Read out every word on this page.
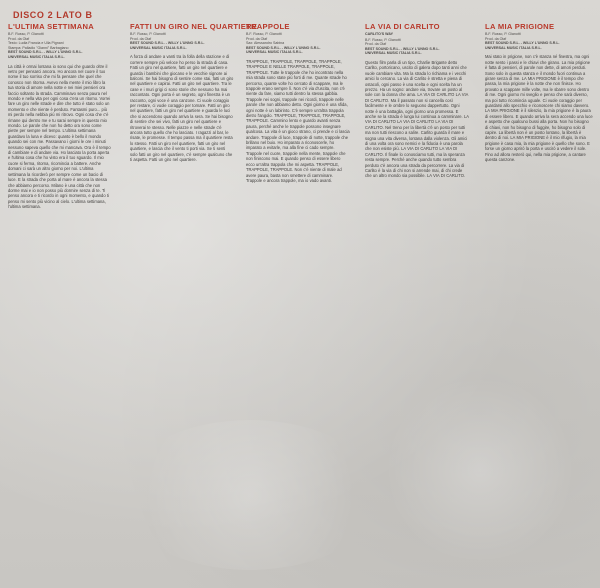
DISCO 2 LATO B
L'ULTIMA SETTIMANA
B.F. Russo, P. Gianotti
Prod. da Olaf
Testo: Ludia Francia e Ulla Pignani
Stampa: Palladio "Gianni" Barbagiano
BEST SOUND S.R.L. - WILLY L'UNNO S.R.L.
UNIVERSAL MUSIC ITALIA S.R.L.

La città è ormai lontana io sono qui che guardo oltre il vetro per pensarci ancora. Ho ancora nel cuore il tuo nome il tuo sorriso che mi fa pensare che quel che conosco non ritorna. Avevo nella mente il mio libro la tua storia di amore nella notte e nei miei pensieri ora faccio soltanto la strada. Camminavo senza paura nel mondo e nella vita per ogni cosa c'era un ritorno. Vorrei fare un giro nelle strade e dire che tutto è stato solo un momento e che niente è perduto. Fantasmi puro... più mi perdo nella nebbia più mi ritrovo. Ogni cosa che c'è rimane qui dentro me e tu sarai sempre in questo mio mondo. Le parole che non ho detto ora sono come pietre per sempre nel tempo. L'ultima settimana guardavo la luna e dicevo: quanto è bello il mondo quando sei con me. Passavano i giorni le ore i minuti nessuno sapeva quello che mi mancava. Ora è il tempo di cambiare e di andare via. Ho lasciato la porta aperta e l'ultima cosa che ho visto era il tuo sguardo. Il mio cuore si ferma, ritorna, ricomincia a battere. Anche domani ci sarà un altro giorno per noi. L'ultima settimana la ricorderò per sempre come un bacio di luce. E la strada che porta al mare è ancora la stessa che abbiamo percorso. Milano è una città che non dorme mai e io non posso più dormire senza di te. Ti penso ancora e ti ricordo in ogni momento, e quando ti penso mi sento più vicino al cielo. L'ultima settimana, l'ultima settimana.

FATTI UN GIRO NEL QUARTIERE
B.F. Russo, P. Gianotti
Prod. da Olaf
BEST SOUND S.R.L. - WILLY L'UNNO S.R.L.
UNIVERSAL MUSIC ITALIA S.R.L.

A forza di andare a vanti tra la folla della stazione e di correre sempre più veloce ho perso la strada di casa. Fatti un giro nel quartiere, fatti un giro nel quartiere e guarda i bambini che giocano e le vecchie signore ai balconi. Se hai bisogno di sentire come stai, fatti un giro nel quartiere e capirai. Fatti un giro nel quartiere. Tra le case e i muri grigi ci sono storie che nessuno ha mai raccontato. Ogni porta è un segreto, ogni finestra è un racconto, ogni voce è una canzone. Ci vuole coraggio per restare, ci vuole coraggio per tornare. Fatti un giro nel quartiere, fatti un giro nel quartiere e guarda le luci che si accendono quando arriva la sera. Se hai bisogno di sentire che sei vivo, fatti un giro nel quartiere e ritroverai te stesso. Nelle piazze e nelle strade c'è ancora tutto quello che ho lasciato. I ragazzi al bar, le risate, le promesse. Il tempo passa ma il quartiere resta lo stesso. Fatti un giro nel quartiere, fatti un giro nel quartiere, e lascia che il vento ti porti via. Se ti senti solo fatti un giro nel quartiere, c'è sempre qualcuno che ti aspetta. Fatti un giro nel quartiere.

TRAPPOLE
B.F. Russo, P. Gianotti
Prod. da Olaf
Sax: Alessandro Sabina
BEST SOUND S.R.L. - WILLY L'UNNO S.R.L.
UNIVERSAL MUSIC ITALIA S.R.L.

TRAPPOLE, TRAPPOLE, TRAPPOLE, TRAPPOLE, TRAPPOLE E NELLE TRAPPOLE, TRAPPOLE, TRAPPOLE. Tutte le trappole che ho incontrato nella mia strada sono state più forti di me. Quante strade ho percorso, quante volte ho cercato di scappare, ma le trappole erano sempre lì. Non c'è via d'uscita, non c'è niente da fare, siamo tutti dentro la stessa gabbia. Trappole nei sogni, trappole nei ricordi, trappole nelle parole che non abbiamo detto. Ogni giorno è una sfida, ogni notte è un labirinto. C'è sempre un'altra trappola dietro l'angolo. TRAPPOLE, TRAPPOLE, TRAPPOLE, TRAPPOLE. Cammino lento e guardo avanti senza paura, perché anche le trappole possono insegnare qualcosa. La vita è un gioco strano, ci prende e ci lascia andare. Trappole di luce, trappole di notte, trappole che brillano nel buio. Ho imparato a riconoscerle, ho imparato a evitarle, ma alla fine ci cado sempre. Trappole nel cuore, trappole nella mente, trappole che non finiscono mai. E quando penso di essere libero ecco un'altra trappola che mi aspetta. TRAPPOLE, TRAPPOLE, TRAPPOLE. Non c'è niente di male ad avere paura, basta non smettere di camminare. Trappole e ancora trappole, ma io vado avanti.

LA VIA DI CARLITO
CARLITO'S WAY
B.F. Russo, P. Gianotti
Prod. da Olaf
BEST SOUND S.R.L. - WILLY L'UNNO S.R.L.
UNIVERSAL MUSIC ITALIA S.R.L.

Questo film parla di un tipo, Charlie Brigante detto Carlito, portoricano, uscito di galera dopo tanti anni che vuole cambiare vita. Ma la strada lo richiama e i vecchi amici lo cercano. La via di Carlito è stretta e piena di ostacoli, ogni passo è una scelta e ogni scelta ha un prezzo. Ha un sogno: andare via, trovare un posto al sole con la donna che ama. LA VIA DI CARLITO LA VIA DI CARLITO. Ma il passato non si cancella così facilmente e le ombre lo seguono dappertutto. Ogni notte è una battaglia, ogni giorno una promessa. E anche se la strada è lunga lui continua a camminare. LA VIA DI CARLITO LA VIA DI CARLITO LA VIA DI CARLITO. Nel treno per la libertà c'è un posto per tutti ma non tutti riescono a salire. Carlito guarda il mare e sogna una vita diversa, lontana dalla violenza. Gli amici di una volta ora sono nemici e la fiducia è una parola che non esiste più. LA VIA DI CARLITO LA VIA DI CARLITO. Il finale lo conosciamo tutti, ma la speranza resta sempre. Perché anche quando tutto sembra perduto c'è ancora una strada da percorrere. La via di Carlito è la via di chi non si arrende mai, di chi crede che un altro mondo sia possibile. LA VIA DI CARLITO.

LA MIA PRIGIONE
B.F. Russo, P. Gianotti
Prod. da Olaf
BEST SOUND S.R.L. - WILLY L'UNNO S.R.L.
UNIVERSAL MUSIC ITALIA S.R.L.

Mai stato in prigione, non c'è stanza né finestra, ma ogni notte sento i passi e le chiavi che girano. La mia prigione è fatta di pensieri, di parole non dette, di amori perduti. Sono solo in questa stanza e il mondo fuori continua a girare senza di me. LA MIA PRIGIONE è il tempo che passa, la mia prigione è la notte che non finisce. Ho provato a scappare mille volte, ma le sbarre sono dentro di me. Ogni giorno mi sveglio e penso che sarà diverso, ma poi tutto ricomincia uguale. Ci vuole coraggio per guardarsi allo specchio e riconoscere chi siamo davvero. LA MIA PRIGIONE è il silenzio, la mia prigione è la paura di essere libero. E quando arriva la sera accendo una luce e aspetto che qualcuno bussi alla porta. Non ho bisogno di chiavi, non ho bisogno di fuggire, ho bisogno solo di capire. La libertà non è un posto lontano, la libertà è dentro di noi. LA MIA PRIGIONE è il mio rifugio, la mia prigione è casa mia, la mia prigione è quello che sono. E forse un giorno aprirò la porta e uscirò a vedere il sole. Fino ad allora resterò qui, nella mia prigione, a cantare questa canzone.
